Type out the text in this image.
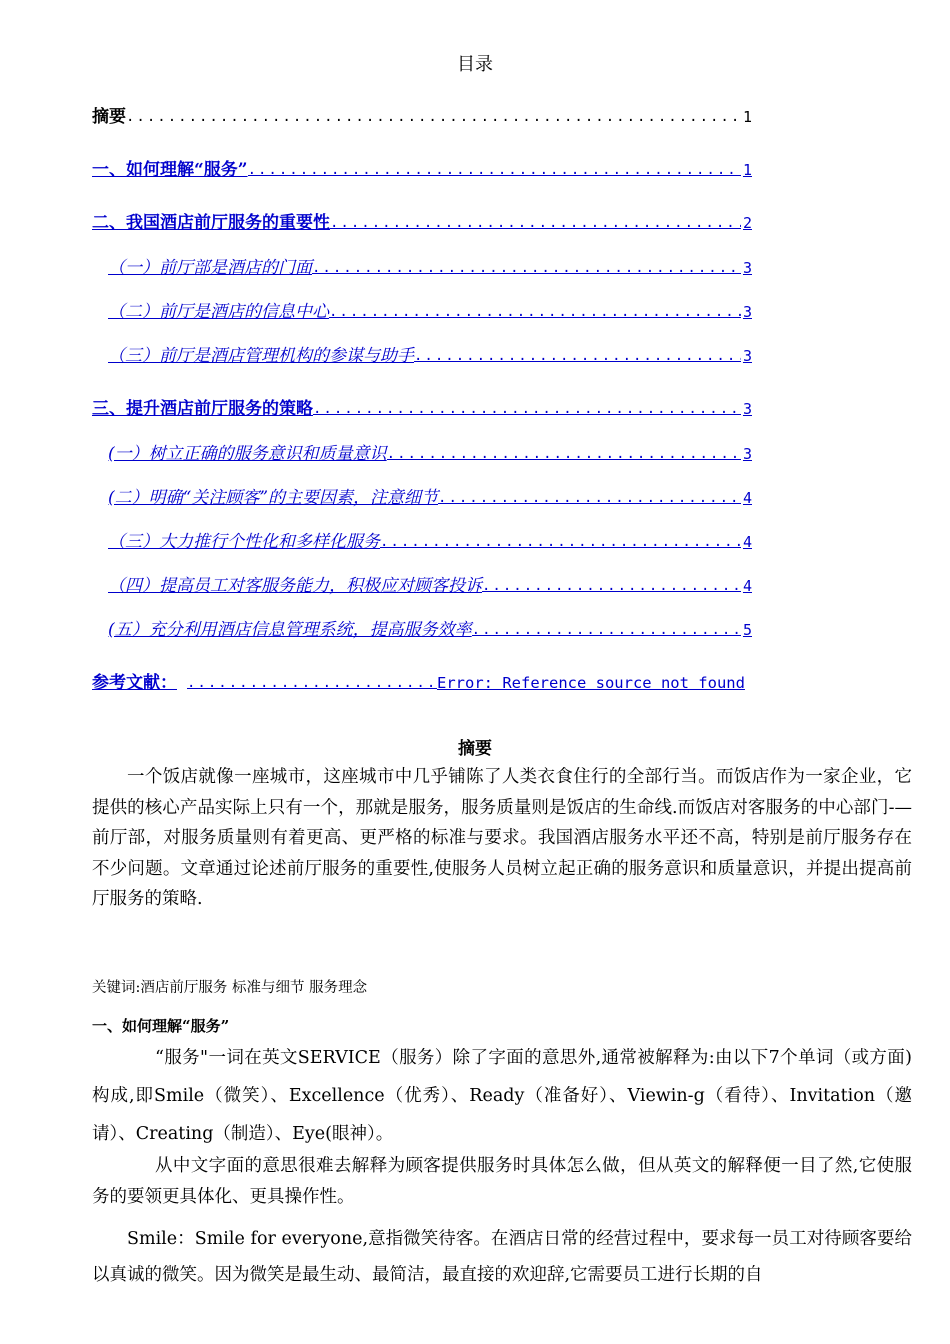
目录
摘要 .....	1
一、如何理解“服务” .....	1
二、我国酒店前厅服务的重要性 .....	2
（一）前厅部是酒店的门面 .....	3
（二）前厅是酒店的信息中心 .....	3
（三）前厅是酒店管理机构的参谋与助手 .....	3
三、提升酒店前厅服务的策略 .....	3
(一）树立正确的服务意识和质量意识 .....	3
(二）明确“关注顾客”的主要因素，注意细节 .....	4
（三）大力推行个性化和多样化服务 .....	4
（四）提高员工对客服务能力，积极应对顾客投诉 .....	4
(五）充分利用酒店信息管理系统，提高服务效率 .....	5
参考文献： .....	Error: Reference source not found
摘要
一个饭店就像一座城市，这座城市中几乎铺陈了人类衣食住行的全部行当。而饭店作为一家企业，它提供的核心产品实际上只有一个，那就是服务，服务质量则是饭店的生命线.而饭店对客服务的中心部门-—前厅部，对服务质量则有着更高、更严格的标准与要求。我国酒店服务水平还不高，特别是前厅服务存在不少问题。文章通过论述前厅服务的重要性,使服务人员树立起正确的服务意识和质量意识，并提出提高前厅服务的策略.
关键词:酒店前厅服务 标准与细节 服务理念
一、如何理解“服务”
“服务"一词在英文SERVICE（服务）除了字面的意思外,通常被解释为:由以下7个单词（或方面)构成,即Smile（微笑）、Excellence（优秀）、Ready（准备好）、Viewin-g（看待）、Invitation（邀请）、Creating（制造）、Eye(眼神）。
从中文字面的意思很难去解释为顾客提供服务时具体怎么做，但从英文的解释便一目了然,它使服务的要领更具体化、更具操作性。
Smile：Smile for everyone,意指微笑待客。在酒店日常的经营过程中，要求每一员工对待顾客要给以真诚的微笑。因为微笑是最生动、最简洁，最直接的欢迎辞,它需要员工进行长期的自
